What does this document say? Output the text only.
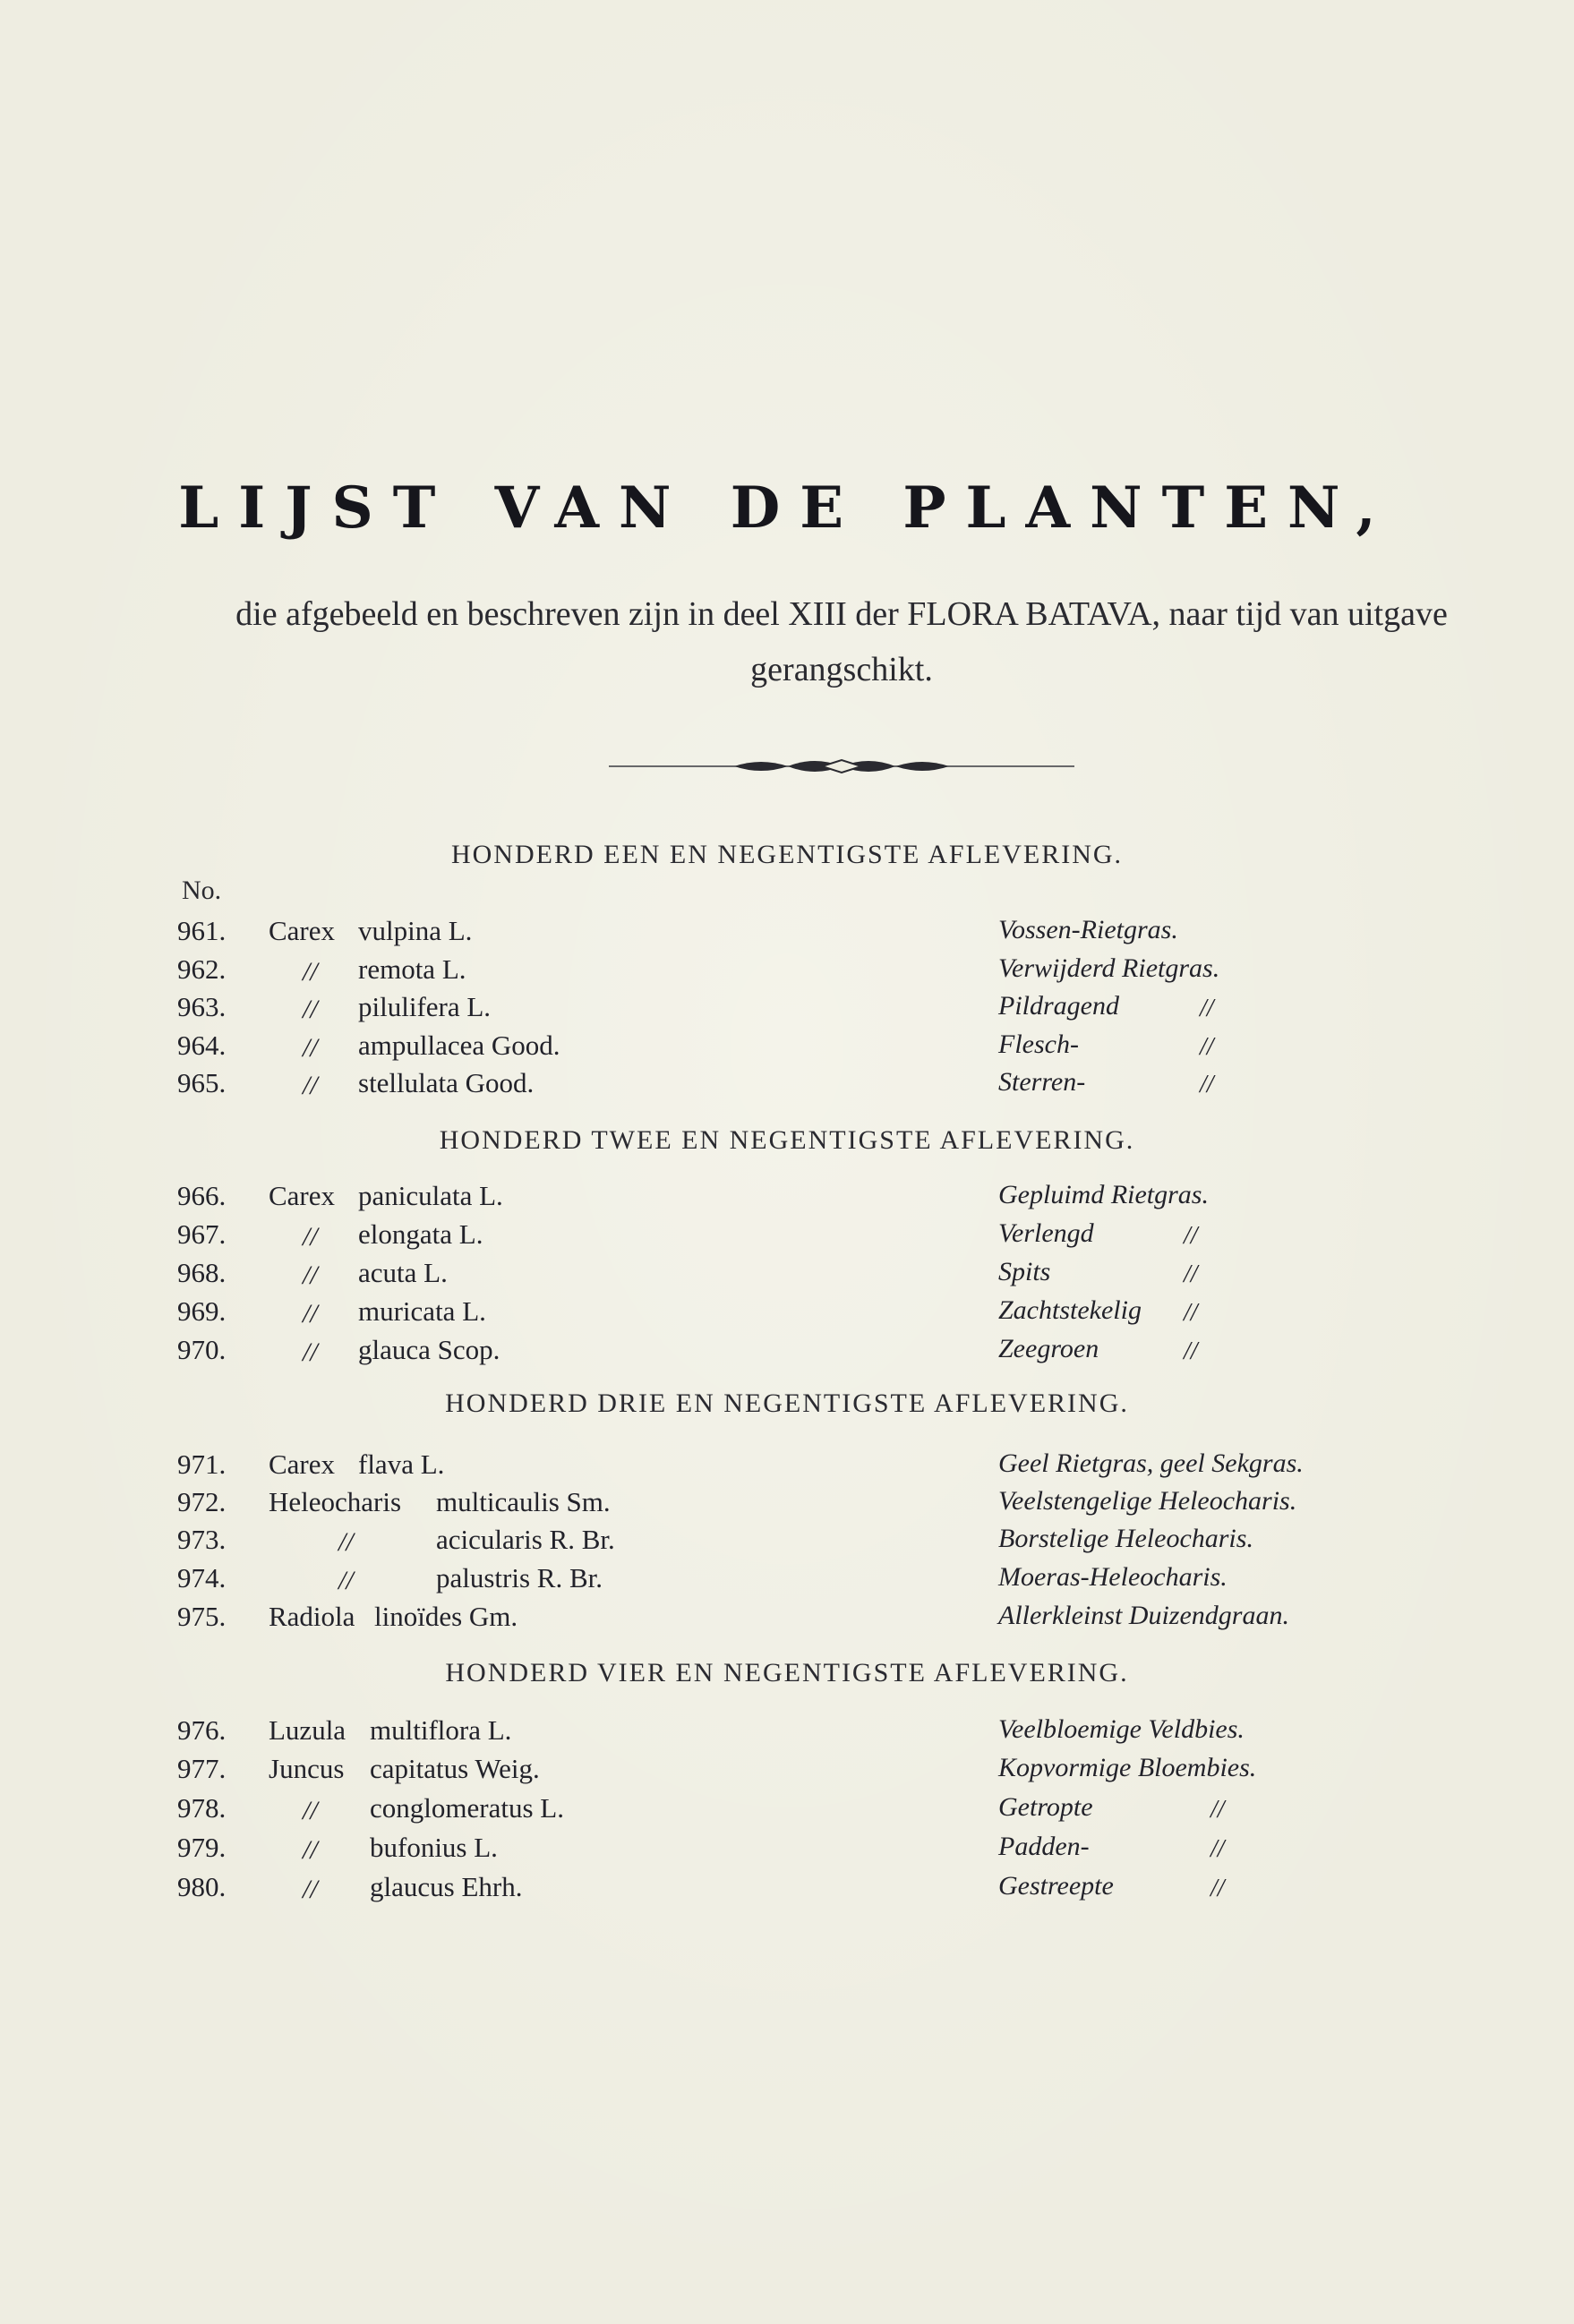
LIJST VAN DE PLANTEN,
die afgebeeld en beschreven zijn in deel XIII der FLORA BATAVA, naar tijd van uitgave gerangschikt.
No.
HONDERD EEN EN NEGENTIGSTE AFLEVERING.
961. Carex vulpina L.	Vossen-Rietgras.
962.	// remota L.	Verwijderd Rietgras.
963.	// pilulifera L.	Pildragend	//
964.	// ampullacea Good.	Flesch-	//
965.	// stellulata Good.	Sterren-	//
HONDERD TWEE EN NEGENTIGSTE AFLEVERING.
966. Carex paniculata L.	Gepluimd Rietgras.
967.	// elongata L.	Verlengd	//
968.	// acuta L.	Spits	//
969.	// muricata L.	Zachtstekelig //
970.	// glauca Scop.	Zeegroen	//
HONDERD DRIE EN NEGENTIGSTE AFLEVERING.
971. Carex flava L.	Geel Rietgras, geel Sekgras.
972. Heleocharis multicaulis Sm.	Veelstengelige Heleocharis.
973.	//	acicularis R. Br.	Borstelige Heleocharis.
974.	//	palustris R. Br.	Moeras-Heleocharis.
975. Radiola linoïdes Gm.	Allerkleinst Duizendgraan.
HONDERD VIER EN NEGENTIGSTE AFLEVERING.
976. Luzula multiflora L.	Veelbloemige Veldbies.
977. Juncus capitatus Weig.	Kopvormige Bloembies.
978.	// conglomeratus L.	Getropte	//
979.	// bufonius L.	Padden-	//
980.	// glaucus Ehrh.	Gestreepte	//
